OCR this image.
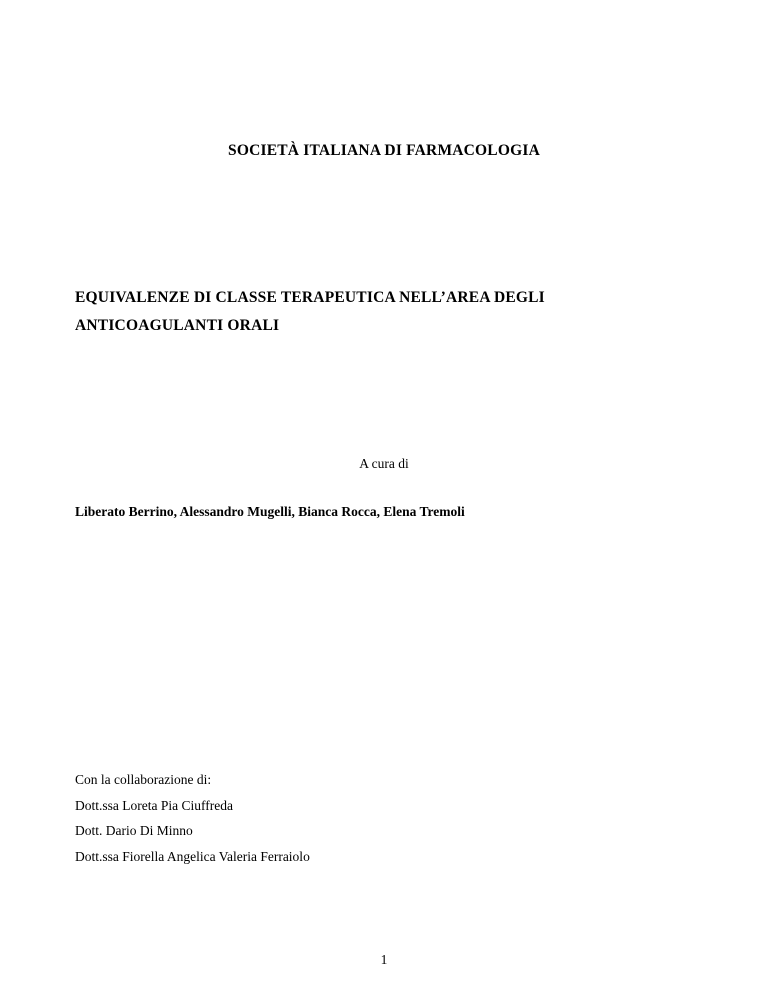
SOCIETÀ ITALIANA DI FARMACOLOGIA
EQUIVALENZE DI CLASSE TERAPEUTICA NELL’AREA DEGLI
ANTICOAGULANTI ORALI
A cura di
Liberato Berrino, Alessandro Mugelli, Bianca Rocca, Elena Tremoli
Con la collaborazione di:
Dott.ssa Loreta Pia Ciuffreda
Dott. Dario Di Minno
Dott.ssa Fiorella Angelica Valeria Ferraiolo
1
